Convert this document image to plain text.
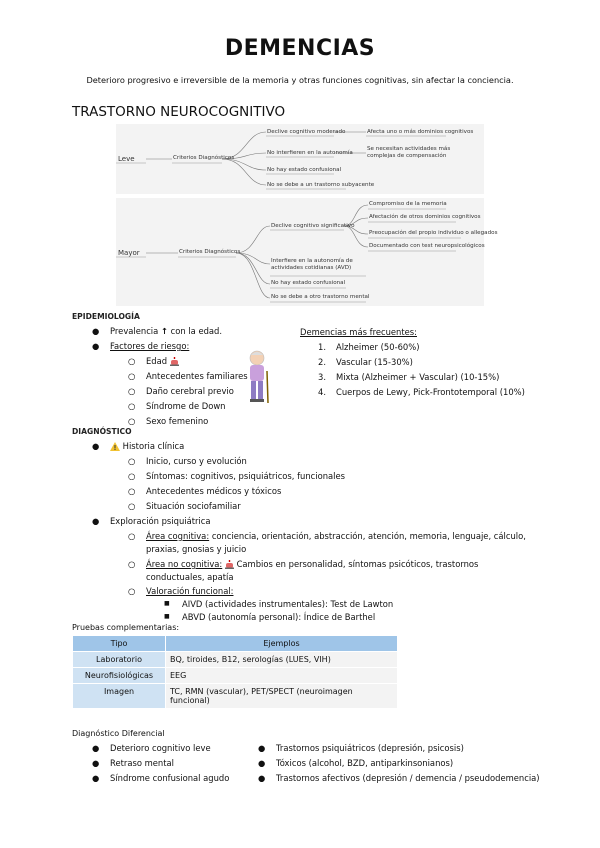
DEMENCIAS
Deterioro progresivo e irreversible de la memoria y otras funciones cognitivas, sin afectar la conciencia.
TRASTORNO NEUROCOGNITIVO
Leve	Criterios Diagnósticos
Declive cognitivo moderado
No interfieren en la autonomía
No hay estado confusional
No se debe a un trastorno subyacente
Afecta uno o más dominios cognitivos
Se necesitan actividades más complejas de compensación
Mayor	Criterios Diagnósticos
Declive cognitivo significativo
Interfiere en la autonomía de actividades cotidianas (AVD)
No hay estado confusional
No se debe a otro trastorno mental
Compromiso de la memoria
Afectación de otros dominios cognitivos
Preocupación del propio individuo o allegados
Documentado con test neuropsicológicos
EPIDEMIOLOGÍA
● Prevalencia ↑ con la edad.
● Factores de riesgo:
○ Edad
○ Antecedentes familiares
○ Daño cerebral previo
○ Síndrome de Down
○ Sexo femenino
Demencias más frecuentes:
1. Alzheimer (50-60%)
2. Vascular (15-30%)
3. Mixta (Alzheimer + Vascular) (10-15%)
4. Cuerpos de Lewy, Pick-Frontotemporal (10%)
DIAGNÓSTICO
●	Historia clínica
○ Inicio, curso y evolución
○ Síntomas: cognitivos, psiquiátricos, funcionales
○ Antecedentes médicos y tóxicos
○ Situación sociofamiliar
● Exploración psiquiátrica
○ Área cognitiva: conciencia, orientación, abstracción, atención, memoria, lenguaje, cálculo,
praxias, gnosias y juicio
○ Área no cognitiva: Cambios en personalidad, síntomas psicóticos, trastornos
conductuales, apatía
○ Valoración funcional:
■ AIVD (actividades instrumentales): Test de Lawton
■ ABVD (autonomía personal): Índice de Barthel
Pruebas complementarias:
Tipo	Ejemplos
Laboratorio	BQ, tiroides, B12, serologías (LUES, VIH)
Neurofisiológicas	EEG
Imagen	TC, RMN (vascular), PET/SPECT (neuroimagen funcional)
Diagnóstico Diferencial
● Deterioro cognitivo leve
● Retraso mental
● Síndrome confusional agudo
● Trastornos psiquiátricos (depresión, psicosis)
● Tóxicos (alcohol, BZD, antiparkinsonianos)
● Trastornos afectivos (depresión / demencia / pseudodemencia)
